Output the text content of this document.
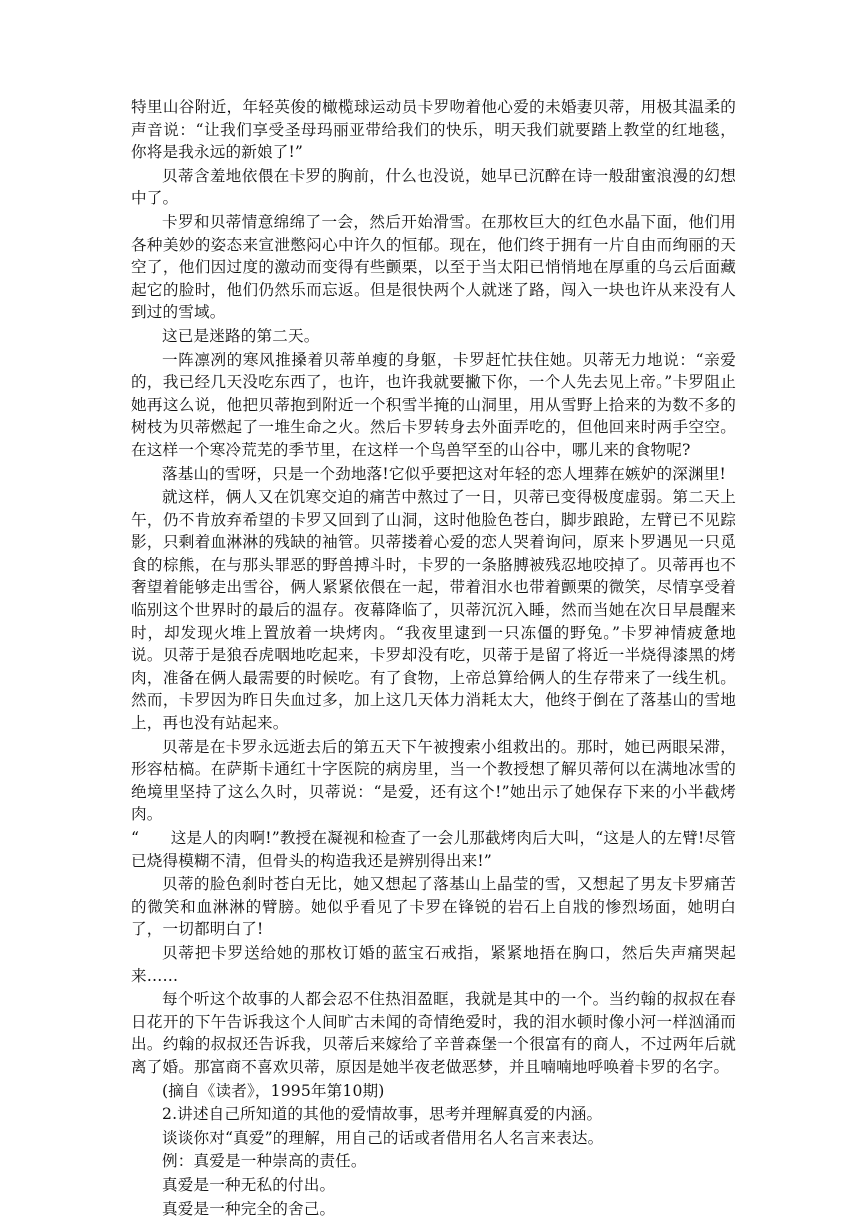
特里山谷附近，年轻英俊的橄榄球运动员卡罗吻着他心爱的未婚妻贝蒂，用极其温柔的声音说：“让我们享受圣母玛丽亚带给我们的快乐，明天我们就要踏上教堂的红地毯，你将是我永远的新娘了!”

贝蒂含羞地依偎在卡罗的胸前，什么也没说，她早已沉醉在诗一般甜蜜浪漫的幻想中了。

卡罗和贝蒂情意绵绵了一会，然后开始滑雪。在那枚巨大的红色水晶下面，他们用各种美妙的姿态来宣泄憋闷心中许久的恒郁。现在，他们终于拥有一片自由而绚丽的天空了，他们因过度的激动而变得有些颤栗，以至于当太阳已悄悄地在厚重的乌云后面藏起它的脸时，他们仍然乐而忘返。但是很快两个人就迷了路，闯入一块也许从来没有人到过的雪域。

这已是迷路的第二天。

一阵凛冽的寒风推搡着贝蒂单瘦的身躯，卡罗赶忙扶住她。贝蒂无力地说：“亲爱的，我已经几天没吃东西了，也许，也许我就要撇下你，一个人先去见上帝。”卡罗阻止她再这么说，他把贝蒂抱到附近一个积雪半掩的山洞里，用从雪野上拾来的为数不多的树枝为贝蒂燃起了一堆生命之火。然后卡罗转身去外面弄吃的，但他回来时两手空空。在这样一个寒冷荒芜的季节里，在这样一个鸟兽罕至的山谷中，哪儿来的食物呢?

落基山的雪呀，只是一个劲地落!它似乎要把这对年轻的恋人埋葬在嫉妒的深渊里!

就这样，俩人又在饥寒交迫的痛苦中熬过了一日，贝蒂已变得极度虚弱。第二天上午，仍不肯放弃希望的卡罗又回到了山洞，这时他脸色苍白，脚步踉跄，左臂已不见踪影，只剩着血淋淋的残缺的袖管。贝蒂搂着心爱的恋人哭着询问，原来卜罗遇见一只觅食的棕熊，在与那头罪恶的野兽搏斗时，卡罗的一条胳膊被残忍地咬掉了。贝蒂再也不奢望着能够走出雪谷，俩人紧紧依偎在一起，带着泪水也带着颤栗的微笑，尽情享受着临别这个世界时的最后的温存。夜幕降临了，贝蒂沉沉入睡，然而当她在次日早晨醒来时，却发现火堆上置放着一块烤肉。“我夜里逮到一只冻僵的野兔。”卡罗神情疲惫地说。贝蒂于是狼吞虎咽地吃起来，卡罗却没有吃，贝蒂于是留了将近一半烧得漆黑的烤肉，准备在俩人最需要的时候吃。有了食物，上帝总算给俩人的生存带来了一线生机。然而，卡罗因为昨日失血过多，加上这几天体力消耗太大，他终于倒在了落基山的雪地上，再也没有站起来。

贝蒂是在卡罗永远逝去后的第五天下午被搜索小组救出的。那时，她已两眼呆滞，形容枯槁。在萨斯卡通红十字医院的病房里，当一个教授想了解贝蒂何以在满地冰雪的绝境里坚持了这么久时，贝蒂说：“是爱，还有这个!”她出示了她保存下来的小半截烤肉。

“　　这是人的肉啊!”教授在凝视和检查了一会儿那截烤肉后大叫，“这是人的左臂!尽管已烧得模糊不清，但骨头的构造我还是辨别得出来!”

贝蒂的脸色刹时苍白无比，她又想起了落基山上晶莹的雪，又想起了男友卡罗痛苦的微笑和血淋淋的臂膀。她似乎看见了卡罗在锋锐的岩石上自戕的惨烈场面，她明白了，一切都明白了!

贝蒂把卡罗送给她的那枚订婚的蓝宝石戒指，紧紧地捂在胸口，然后失声痛哭起来……

每个听这个故事的人都会忍不住热泪盈眶，我就是其中的一个。当约翰的叔叔在春日花开的下午告诉我这个人间旷古未闻的奇情绝爱时，我的泪水顿时像小河一样汹涌而出。约翰的叔叔还告诉我，贝蒂后来嫁给了辛普森堡一个很富有的商人，不过两年后就离了婚。那富商不喜欢贝蒂，原因是她半夜老做恶梦，并且喃喃地呼唤着卡罗的名字。

(摘自《读者》，1995年第10期)

2.讲述自己所知道的其他的爱情故事，思考并理解真爱的内涵。

谈谈你对“真爱”的理解，用自己的话或者借用名人名言来表达。

例：真爱是一种崇高的责任。

真爱是一种无私的付出。

真爱是一种完全的舍己。
